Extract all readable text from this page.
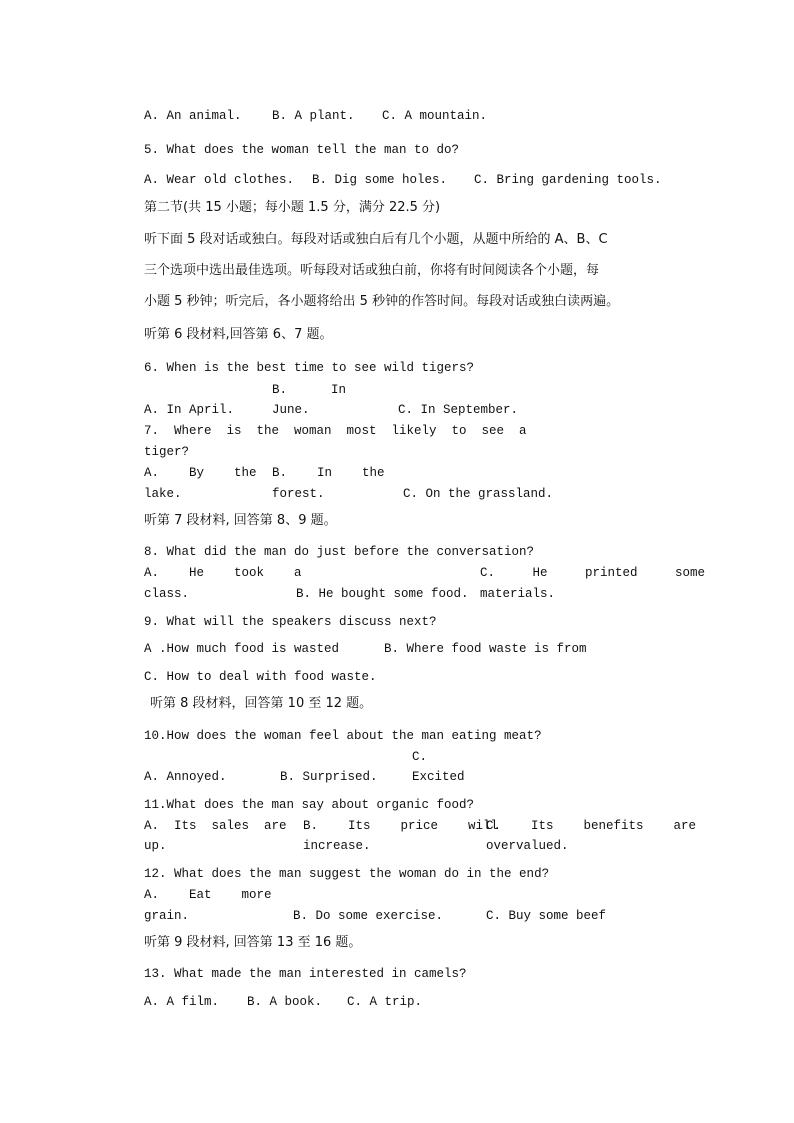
A. An animal. B. A plant. C. A mountain.
5. What does the woman tell the man to do?
A. Wear old clothes. B. Dig some holes. C. Bring gardening tools.
第二节(共 15 小题；每小题 1.5 分，满分 22.5 分)
听下面 5 段对话或独白。每段对话或独白后有几个小题，从题中所给的 A、B、C
三个选项中选出最佳选项。听每段对话或独白前，你将有时间阅读各个小题，每
小题 5 秒钟；听完后，各小题将给出 5 秒钟的作答时间。每段对话或独白读两遍。
听第 6 段材料,回答第 6、7 题。
6. When is the best time to see wild tigers?
B.	In
A. In April.	June.	C. In September.
7.  Where  is  the  woman  most  likely  to  see  a
tiger?
A.    By    the B.    In    the
lake.	forest.	C. On the grassland.
听第 7 段材料, 回答第 8、9 题。
8. What did the man do just before the conversation?
A.    He    took    a	C.     He     printed     some
class.	B. He bought some food. materials.
9. What will the speakers discuss next?
A .How much food is wasted	B. Where food waste is from
C. How to deal with food waste.
听第 8 段材料，回答第 10 至 12 题。
10.How does the woman feel about the man eating meat?
C.
A. Annoyed.	B. Surprised.	Excited
11.What does the man say about organic food?
A.  Its  sales  are B.    Its    price    will
C.    Its    benefits    are
up.	increase.	overvalued.
12. What does the man suggest the woman do in the end?
A.    Eat    more
grain.	B. Do some exercise.	C. Buy some beef
听第 9 段材料, 回答第 13 至 16 题。
13. What made the man interested in camels?
A. A film. B. A book. C. A trip.
